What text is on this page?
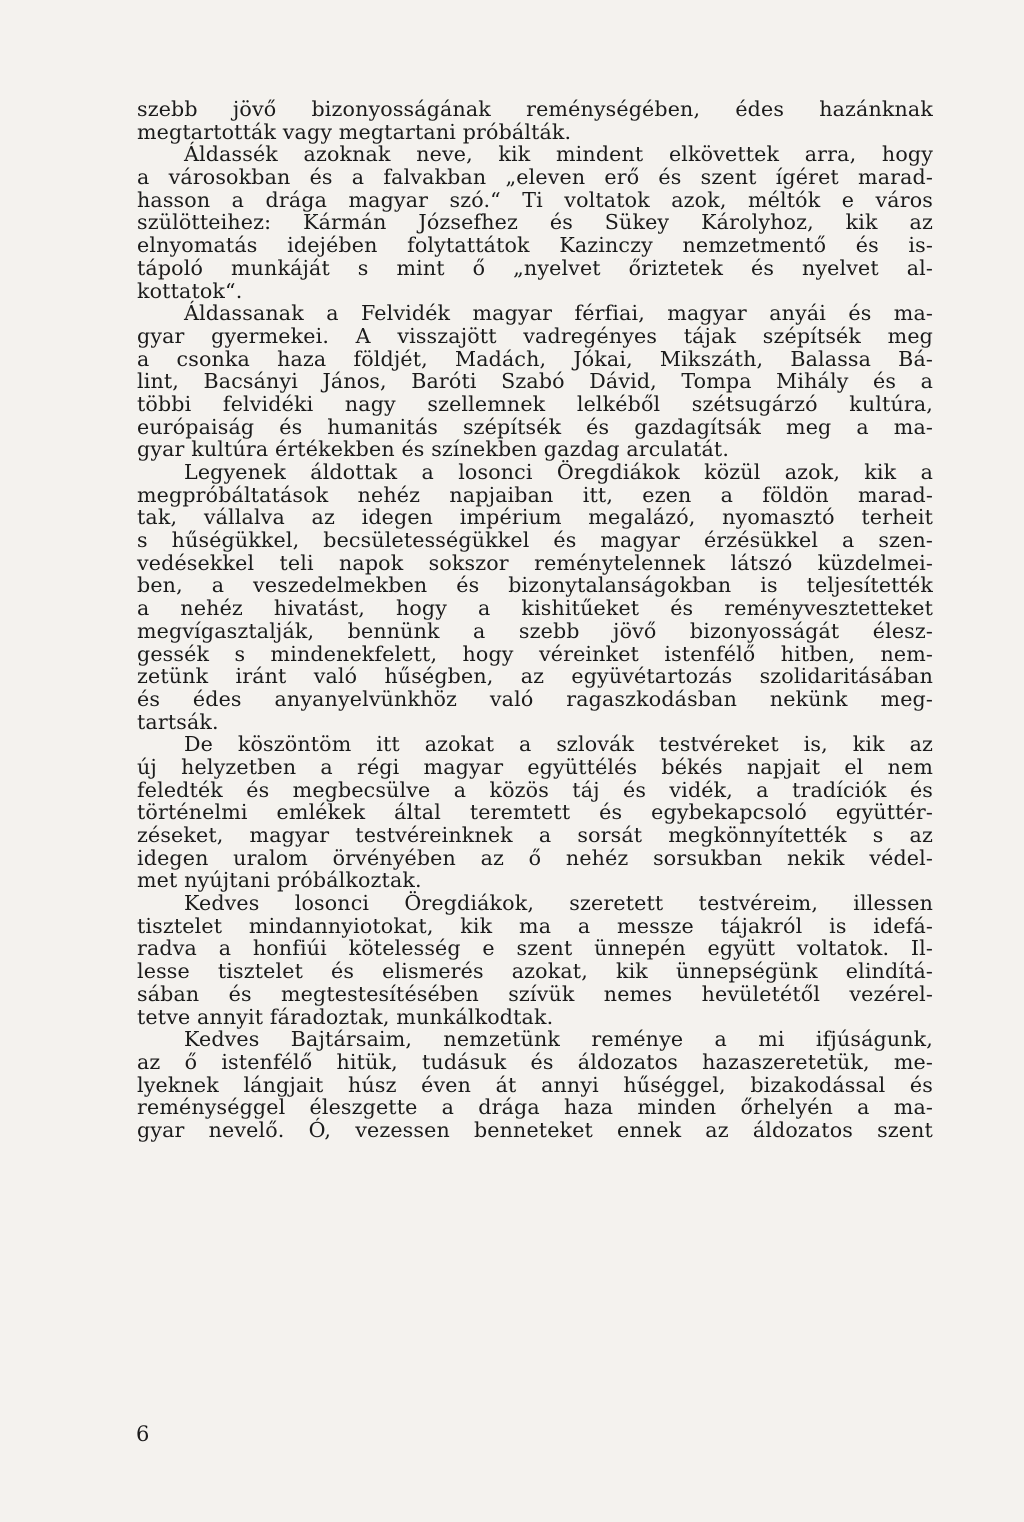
szebb jövő bizonyosságának reménységében, édes hazánknak
megtartották vagy megtartani próbálták.
Áldassék azoknak neve, kik mindent elkövettek arra, hogy
a városokban és a falvakban „eleven erő és szent ígéret marad-
hasson a drága magyar szó.“ Ti voltatok azok, méltók e város
szülötteihez: Kármán Józsefhez és Sükey Károlyhoz, kik az
elnyomatás idejében folytattátok Kazinczy nemzetmentő és is-
tápoló munkáját s mint ő „nyelvet őriztetek és nyelvet al-
kottatok“.
Áldassanak a Felvidék magyar férfiai, magyar anyái és ma-
gyar gyermekei. A visszajött vadregényes tájak szépítsék meg
a csonka haza földjét, Madách, Jókai, Mikszáth, Balassa Bá-
lint, Bacsányi János, Baróti Szabó Dávid, Tompa Mihály és a
többi felvidéki nagy szellemnek lelkéből szétsugárzó kultúra,
európaiság és humanitás szépítsék és gazdagítsák meg a ma-
gyar kultúra értékekben és színekben gazdag arculatát.
Legyenek áldottak a losonci Öregdiákok közül azok, kik a
megpróbáltatások nehéz napjaiban itt, ezen a földön marad-
tak, vállalva az idegen impérium megalázó, nyomasztó terheit
s hűségükkel, becsületességükkel és magyar érzésükkel a szen-
vedésekkel teli napok sokszor reménytelennek látszó küzdelmei-
ben, a veszedelmekben és bizonytalanságokban is teljesítették
a nehéz hivatást, hogy a kishitűeket és reményvesztetteket
megvígasztalják, bennünk a szebb jövő bizonyosságát élesz-
gessék s mindenekfelett, hogy véreinket istenfélő hitben, nem-
zetünk iránt való hűségben, az együvétartozás szolidaritásában
és édes anyanyelvünkhöz való ragaszkodásban nekünk meg-
tartsák.
De köszöntöm itt azokat a szlovák testvéreket is, kik az
új helyzetben a régi magyar együttélés békés napjait el nem
feledték és megbecsülve a közös táj és vidék, a tradíciók és
történelmi emlékek által teremtett és egybekapcsoló együttér-
zéseket, magyar testvéreinknek a sorsát megkönnyítették s az
idegen uralom örvényében az ő nehéz sorsukban nekik védel-
met nyújtani próbálkoztak.
Kedves losonci Öregdiákok, szeretett testvéreim, illessen
tisztelet mindannyiotokat, kik ma a messze tájakról is idefá-
radva a honfiúi kötelesség e szent ünnepén együtt voltatok. Il-
lesse tisztelet és elismerés azokat, kik ünnepségünk elindítá-
sában és megtestesítésében szívük nemes hevületétől vezérel-
tetve annyit fáradoztak, munkálkodtak.
Kedves Bajtársaim, nemzetünk reménye a mi ifjúságunk,
az ő istenfélő hitük, tudásuk és áldozatos hazaszeretetük, me-
lyeknek lángjait húsz éven át annyi hűséggel, bizakodással és
reménységgel éleszgette a drága haza minden őrhelyén a ma-
gyar nevelő. Ó, vezessen benneteket ennek az áldozatos szent
6
